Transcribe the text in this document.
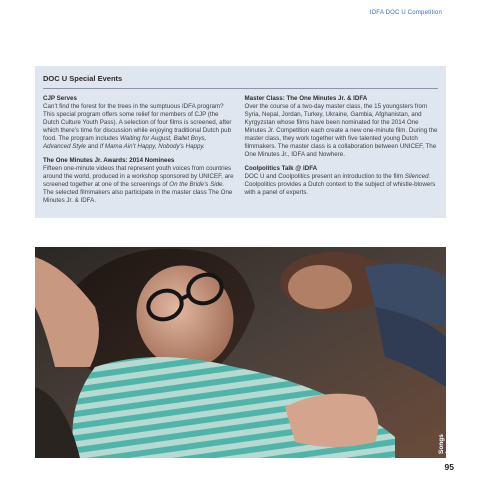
IDFA DOC U Competition
DOC U Special Events
CJP Serves

Can’t find the forest for the trees in the sumptuous IDFA program? This special program offers some relief for members of CJP (the Dutch Culture Youth Pass). A selection of four films is screened, after which there’s time for discussion while enjoying traditional Dutch pub food. The program includes Waiting for August, Ballet Boys, Advanced Style and If Mama Ain’t Happy, Nobody’s Happy.

The One Minutes Jr. Awards: 2014 Nominees

Fifteen one-minute videos that represent youth voices from countries around the world, produced in a workshop sponsored by UNICEF, are screened together at one of the screenings of On the Bride’s Side. The selected filmmakers also participate in the master class The One Minutes Jr. & IDFA.

Master Class: The One Minutes Jr. & IDFA

Over the course of a two-day master class, the 15 youngsters from Syria, Nepal, Jordan, Turkey, Ukraine, Gambia, Afghanistan, and Kyrgyzstan whose films have been nominated for the 2014 One Minutes Jr. Competition each create a new one-minute film. During the master class, they work together with five talented young Dutch filmmakers. The master class is a collaboration between UNICEF, The One Minutes Jr., IDFA and Nowhere.

Coolpolitics Talk @ IDFA

DOC U and Coolpolitics present an introduction to the film Silenced. Coolpolitics provides a Dutch context to the subject of whistle-blowers with a panel of experts.

Songs for Alexis
95
